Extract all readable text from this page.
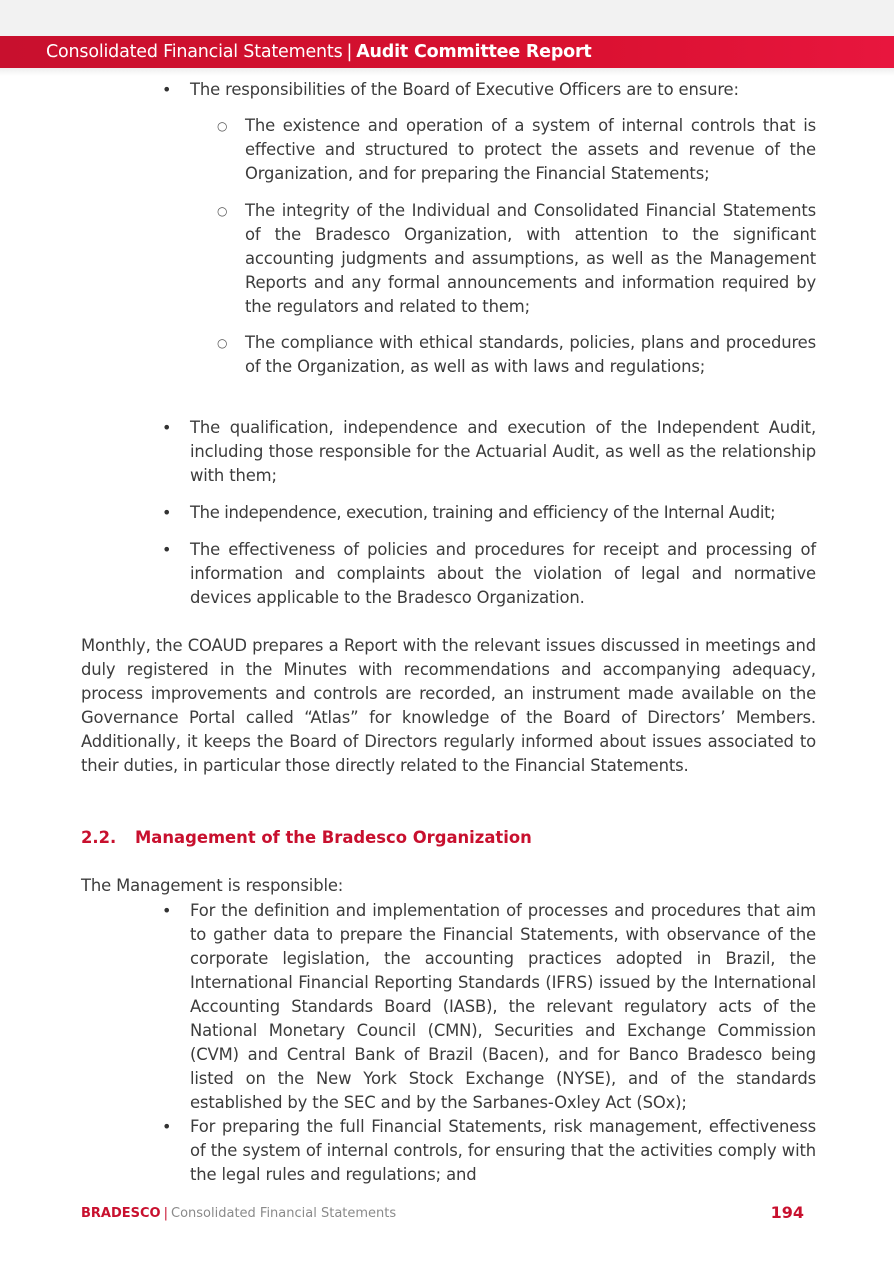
Consolidated Financial Statements | Audit Committee Report
• The responsibilities of the Board of Executive Officers are to ensure:

○ The existence and operation of a system of internal controls that is effective and structured to protect the assets and revenue of the Organization, and for preparing the Financial Statements;

○ The integrity of the Individual and Consolidated Financial Statements of the Bradesco Organization, with attention to the significant accounting judgments and assumptions, as well as the Management Reports and any formal announcements and information required by the regulators and related to them;

○ The compliance with ethical standards, policies, plans and procedures of the Organization, as well as with laws and regulations;

• The qualification, independence and execution of the Independent Audit, including those responsible for the Actuarial Audit, as well as the relationship with them;

• The independence, execution, training and efficiency of the Internal Audit;

• The effectiveness of policies and procedures for receipt and processing of information and complaints about the violation of legal and normative devices applicable to the Bradesco Organization.

Monthly, the COAUD prepares a Report with the relevant issues discussed in meetings and duly registered in the Minutes with recommendations and accompanying adequacy, process improvements and controls are recorded, an instrument made available on the Governance Portal called “Atlas” for knowledge of the Board of Directors’ Members. Additionally, it keeps the Board of Directors regularly informed about issues associated to their duties, in particular those directly related to the Financial Statements.

2.2. Management of the Bradesco Organization

The Management is responsible:

• For the definition and implementation of processes and procedures that aim to gather data to prepare the Financial Statements, with observance of the corporate legislation, the accounting practices adopted in Brazil, the International Financial Reporting Standards (IFRS) issued by the International Accounting Standards Board (IASB), the relevant regulatory acts of the National Monetary Council (CMN), Securities and Exchange Commission (CVM) and Central Bank of Brazil (Bacen), and for Banco Bradesco being listed on the New York Stock Exchange (NYSE), and of the standards established by the SEC and by the Sarbanes-Oxley Act (SOx);

• For preparing the full Financial Statements, risk management, effectiveness of the system of internal controls, for ensuring that the activities comply with the legal rules and regulations; and

BRADESCO | Consolidated Financial Statements	194
